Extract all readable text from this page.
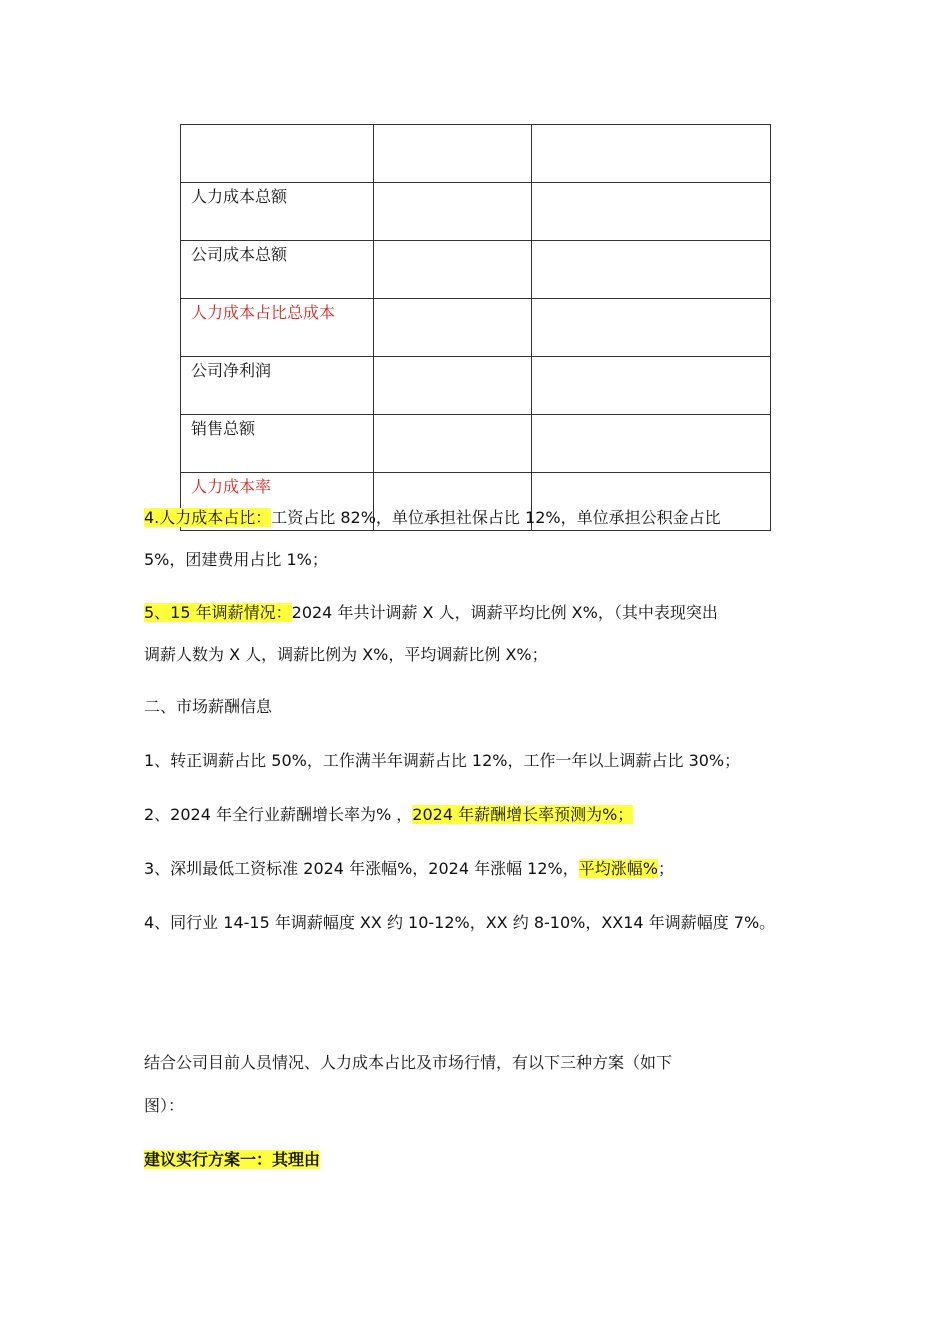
人力成本总额		
公司成本总额		
人力成本占比总成本		
公司净利润		
销售总额		
人力成本率		
4.人力成本占比：工资占比 82%，单位承担社保占比 12%，单位承担公积金占比
5%，团建费用占比 1%；
5、15 年调薪情况：2024 年共计调薪 X 人，调薪平均比例 X%，（其中表现突出
调薪人数为 X 人，调薪比例为 X%，平均调薪比例 X%；
二、市场薪酬信息
1、转正调薪占比 50%，工作满半年调薪占比 12%，工作一年以上调薪占比 30%；
2、2024 年全行业薪酬增长率为% ，2024 年薪酬增长率预测为%；
3、深圳最低工资标准 2024 年涨幅%，2024 年涨幅 12%，平均涨幅%；
4、同行业 14-15 年调薪幅度 XX 约 10-12%，XX 约 8-10%，XX14 年调薪幅度 7%。
结合公司目前人员情况、人力成本占比及市场行情，有以下三种方案（如下
图）：
建议实行方案一：其理由
